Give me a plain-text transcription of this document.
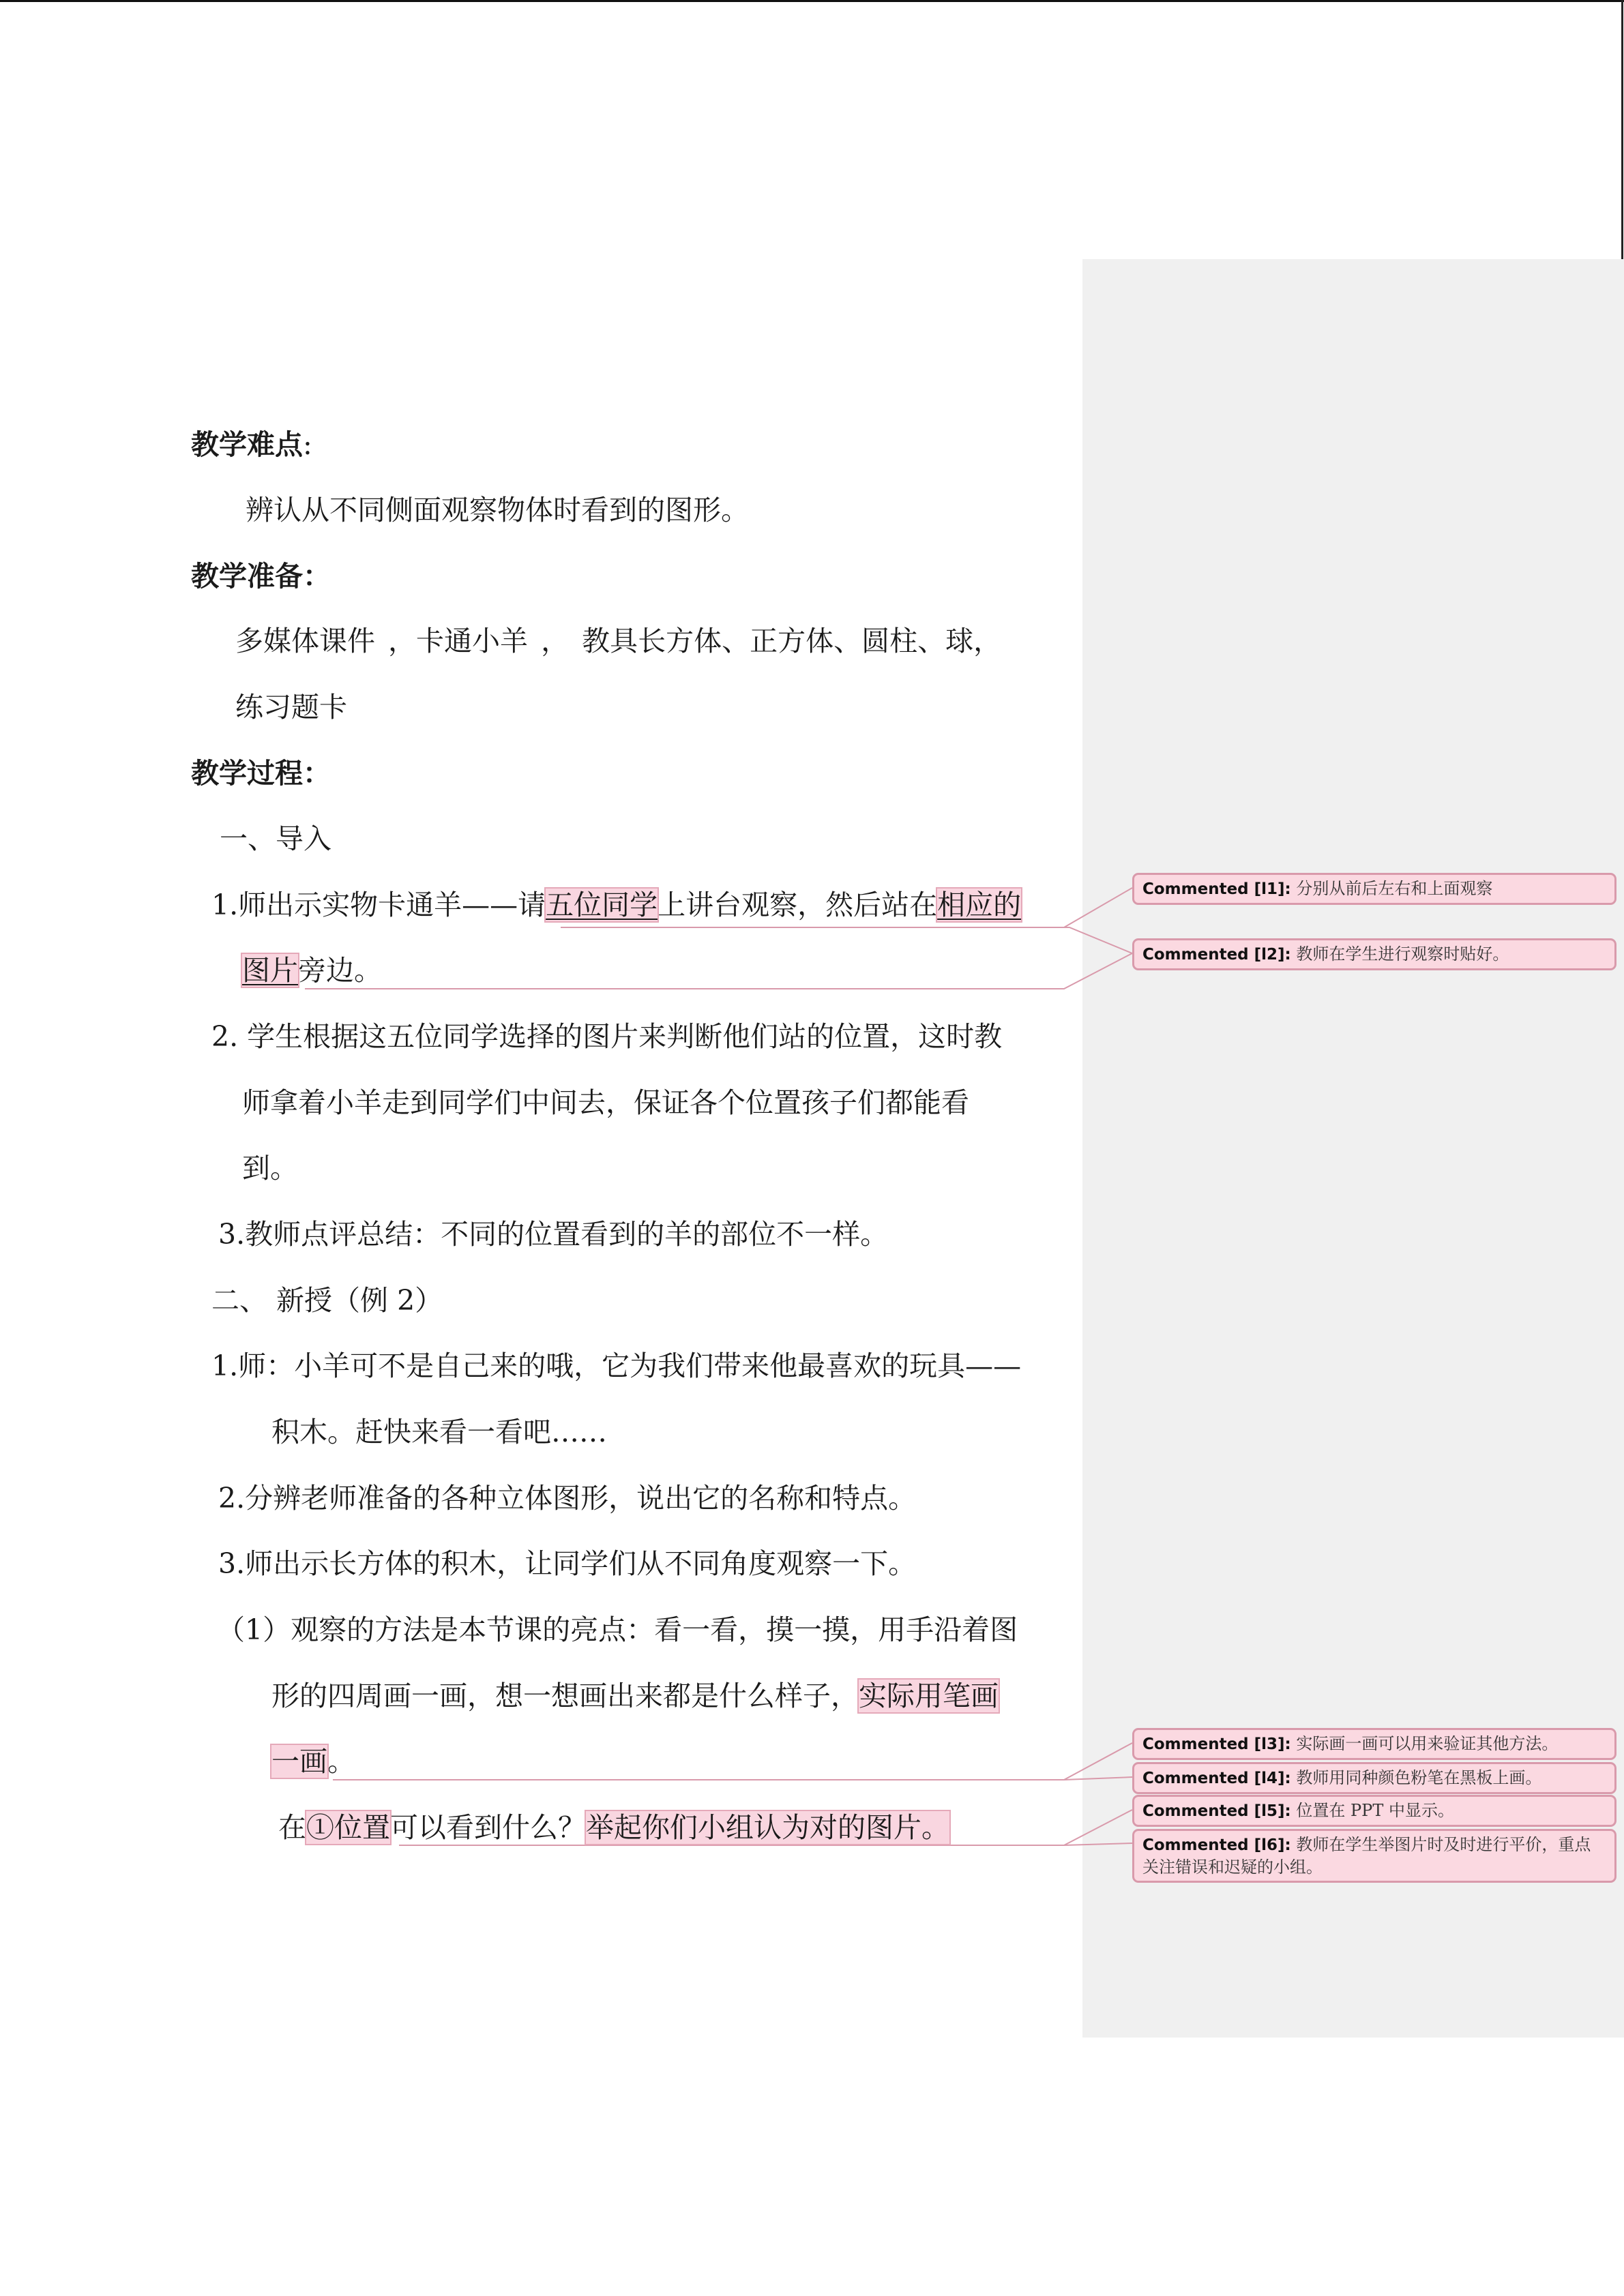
教学难点:
辨认从不同侧面观察物体时看到的图形。
教学准备：
多媒体课件 ，卡通小羊 ， 教具长方体、正方体、圆柱、球，
练习题卡
教学过程：
一、导入
1.师出示实物卡通羊——请五位同学上讲台观察，然后站在相应的
图片旁边。
2. 学生根据这五位同学选择的图片来判断他们站的位置，这时教
师拿着小羊走到同学们中间去，保证各个位置孩子们都能看
到。
3.教师点评总结：不同的位置看到的羊的部位不一样。
二、 新授（例 2）
1.师：小羊可不是自己来的哦，它为我们带来他最喜欢的玩具——
积木。赶快来看一看吧……
2.分辨老师准备的各种立体图形，说出它的名称和特点。
3.师出示长方体的积木，让同学们从不同角度观察一下。
（1）观察的方法是本节课的亮点：看一看，摸一摸，用手沿着图
形的四周画一画，想一想画出来都是什么样子，实际用笔画
一画。
在①位置可以看到什么？举起你们小组认为对的图片。
Commented [l1]: 分别从前后左右和上面观察
Commented [l2]: 教师在学生进行观察时贴好。
Commented [l3]: 实际画一画可以用来验证其他方法。
Commented [l4]: 教师用同种颜色粉笔在黑板上画。
Commented [l5]: 位置在 PPT 中显示。
Commented [l6]: 教师在学生举图片时及时进行平价，重点关注错误和迟疑的小组。
